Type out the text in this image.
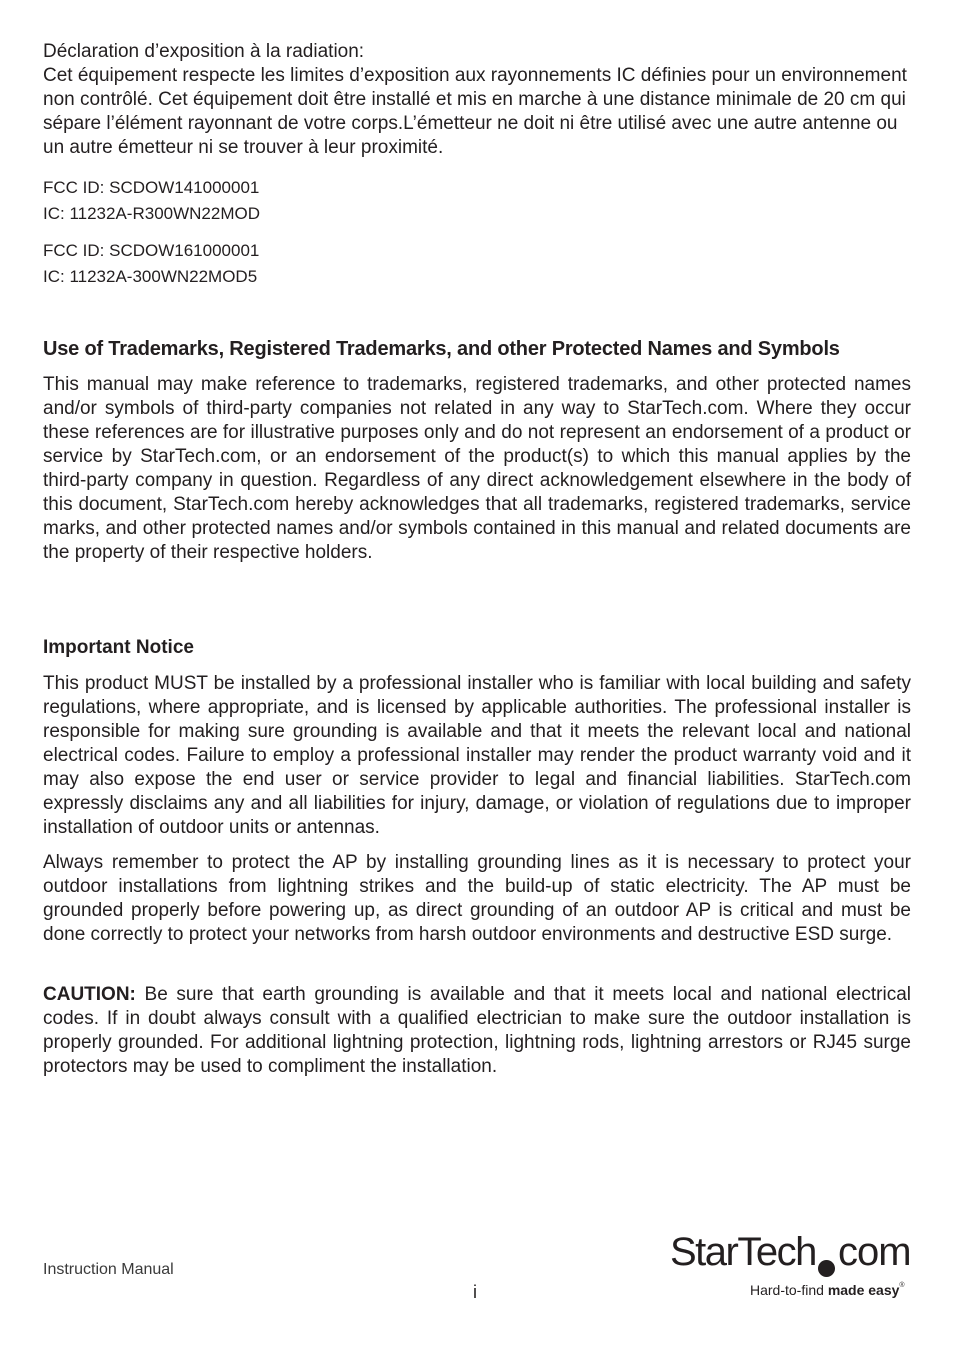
Déclaration d’exposition à la radiation:

Cet équipement respecte les limites d’exposition aux rayonnements IC définies pour un environnement non contrôlé. Cet équipement doit être installé et mis en marche à une distance minimale de 20 cm qui sépare l’élément rayonnant de votre corps.L’émetteur ne doit ni être utilisé avec une autre antenne ou un autre émetteur ni se trouver à leur proximité.

FCC ID: SCDOW141000001

IC: 11232A-R300WN22MOD

FCC ID: SCDOW161000001

IC: 11232A-300WN22MOD5

Use of Trademarks, Registered Trademarks, and other Protected Names and Symbols

This manual may make reference to trademarks, registered trademarks, and other protected names and/or symbols of third-party companies not related in any way to StarTech.com. Where they occur these references are for illustrative purposes only and do not represent an endorsement of a product or service by StarTech.com, or an endorsement of the product(s) to which this manual applies by the third-party company in question. Regardless of any direct acknowledgement elsewhere in the body of this document, StarTech.com hereby acknowledges that all trademarks, registered trademarks, service marks, and other protected names and/or symbols contained in this manual and related documents are the property of their respective holders.

Important Notice

This product MUST be installed by a professional installer who is familiar with local building and safety regulations, where appropriate, and is licensed by applicable authorities. The professional installer is responsible for making sure grounding is available and that it meets the relevant local and national electrical codes. Failure to employ a professional installer may render the product warranty void and it may also expose the end user or service provider to legal and financial liabilities. StarTech.com expressly disclaims any and all liabilities for injury, damage, or violation of regulations due to improper installation of outdoor units or antennas.

Always remember to protect the AP by installing grounding lines as it is necessary to protect your outdoor installations from lightning strikes and the build-up of static electricity. The AP must be grounded properly before powering up, as direct grounding of an outdoor AP is critical and must be done correctly to protect your networks from harsh outdoor environments and destructive ESD surge.

CAUTION: Be sure that earth grounding is available and that it meets local and national electrical codes. If in doubt always consult with a qualified electrician to make sure the outdoor installation is properly grounded. For additional lightning protection, lightning rods, lightning arrestors or RJ45 surge protectors may be used to compliment the installation.

Instruction Manual
i
StarTech com
Hard-to-find made easy®
